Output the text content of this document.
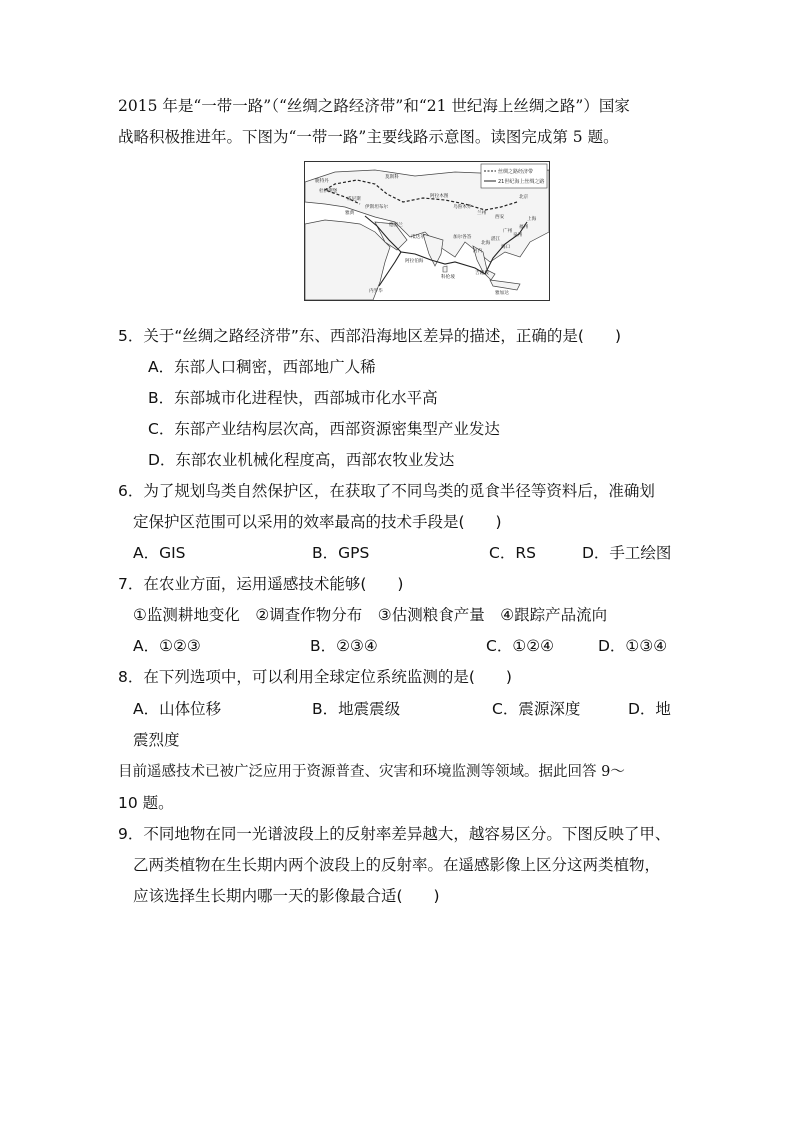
2015 年是“一带一路”（“丝绸之路经济带”和“21 世纪海上丝绸之路”）国家
战略积极推进年。下图为“一带一路”主要线路示意图。读图完成第 5 题。
丝绸之路经济带
21世纪海上丝绸之路
莫斯科
鹿特丹
杜伊斯堡
威尼斯
伊斯坦布尔
德黑兰
阿拉木图
乌鲁木齐
兰州
西安
北京
上海
福州
泉州
广州
湛江
海口
北海
河内
吉隆坡
雅加达
科伦坡
加尔各答
瓜达尔
雅典
内罗毕
阿拉伯海
5．关于“丝绸之路经济带”东、西部沿海地区差异的描述，正确的是(　　)
A．东部人口稠密，西部地广人稀
B．东部城市化进程快，西部城市化水平高
C．东部产业结构层次高，西部资源密集型产业发达
D．东部农业机械化程度高，西部农牧业发达
6．为了规划鸟类自然保护区，在获取了不同鸟类的觅食半径等资料后，准确划
定保护区范围可以采用的效率最高的技术手段是(　　)
A．GIS	B．GPS	C．RS	D．手工绘图
7．在农业方面，运用遥感技术能够(　　)
①监测耕地变化　②调查作物分布　③估测粮食产量　④跟踪产品流向
A．①②③	B．②③④	C．①②④	D．①③④
8．在下列选项中，可以利用全球定位系统监测的是(　　)
A．山体位移	B．地震震级	C．震源深度	D．地
震烈度
目前遥感技术已被广泛应用于资源普查、灾害和环境监测等领域。据此回答 9～
10 题。
9．不同地物在同一光谱波段上的反射率差异越大，越容易区分。下图反映了甲、
乙两类植物在生长期内两个波段上的反射率。在遥感影像上区分这两类植物，
应该选择生长期内哪一天的影像最合适(　　)
